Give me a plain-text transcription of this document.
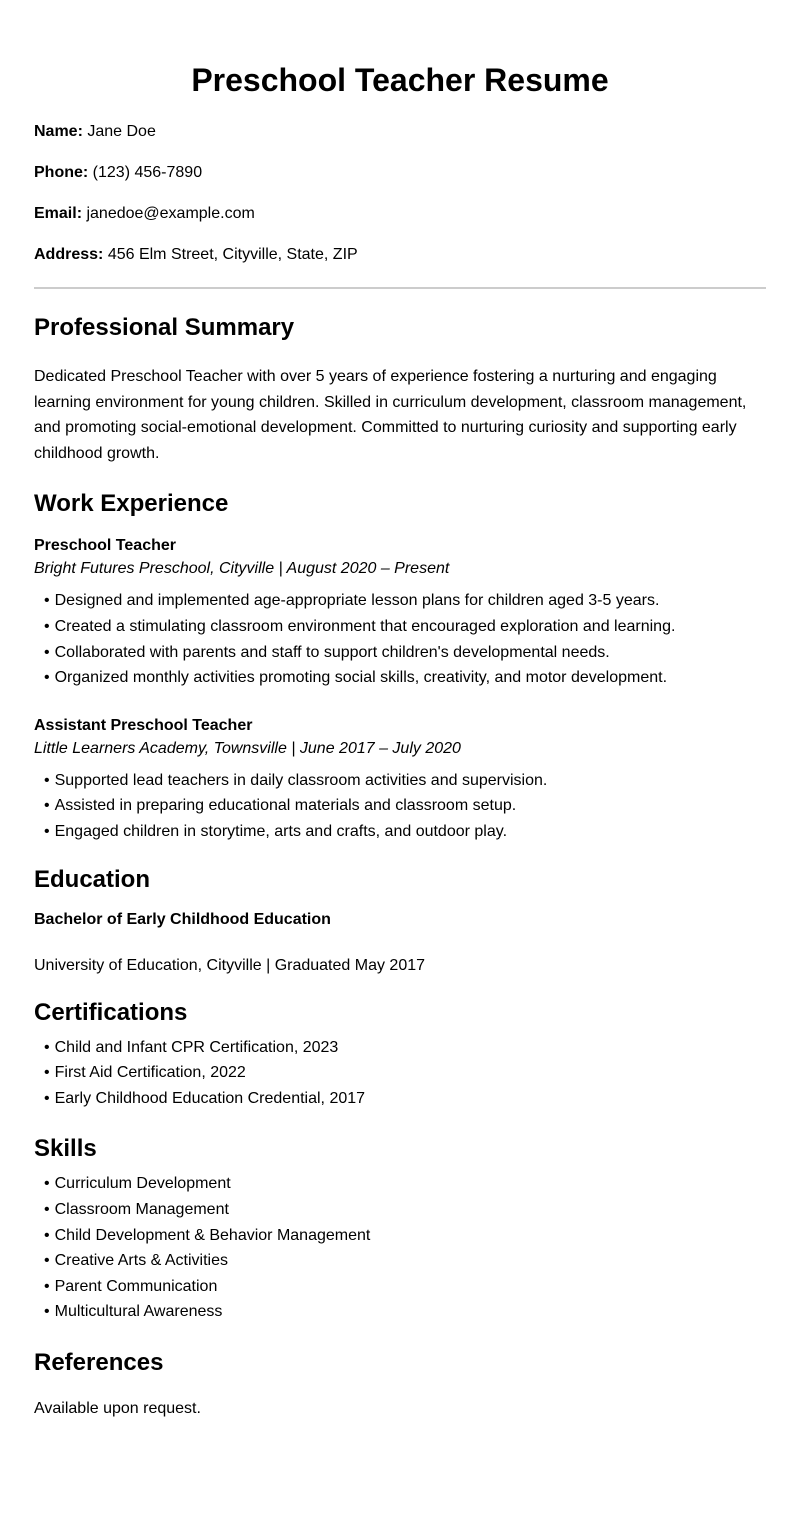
Preschool Teacher Resume

Name: Jane Doe

Phone: (123) 456-7890

Email: janedoe@example.com

Address: 456 Elm Street, Cityville, State, ZIP

Professional Summary

Dedicated Preschool Teacher with over 5 years of experience fostering a nurturing and engaging learning environment for young children. Skilled in curriculum development, classroom management, and promoting social-emotional development. Committed to nurturing curiosity and supporting early childhood growth.

Work Experience

Preschool Teacher

Bright Futures Preschool, Cityville | August 2020 – Present

• Designed and implemented age-appropriate lesson plans for children aged 3-5 years.
• Created a stimulating classroom environment that encouraged exploration and learning.
• Collaborated with parents and staff to support children's developmental needs.
• Organized monthly activities promoting social skills, creativity, and motor development.

Assistant Preschool Teacher

Little Learners Academy, Townsville | June 2017 – July 2020

• Supported lead teachers in daily classroom activities and supervision.
• Assisted in preparing educational materials and classroom setup.
• Engaged children in storytime, arts and crafts, and outdoor play.
Education

Bachelor of Early Childhood Education

University of Education, Cityville | Graduated May 2017

Certifications
• Child and Infant CPR Certification, 2023
• First Aid Certification, 2022
• Early Childhood Education Credential, 2017
Skills
• Curriculum Development
• Classroom Management
• Child Development & Behavior Management
• Creative Arts & Activities
• Parent Communication
• Multicultural Awareness
References

Available upon request.
